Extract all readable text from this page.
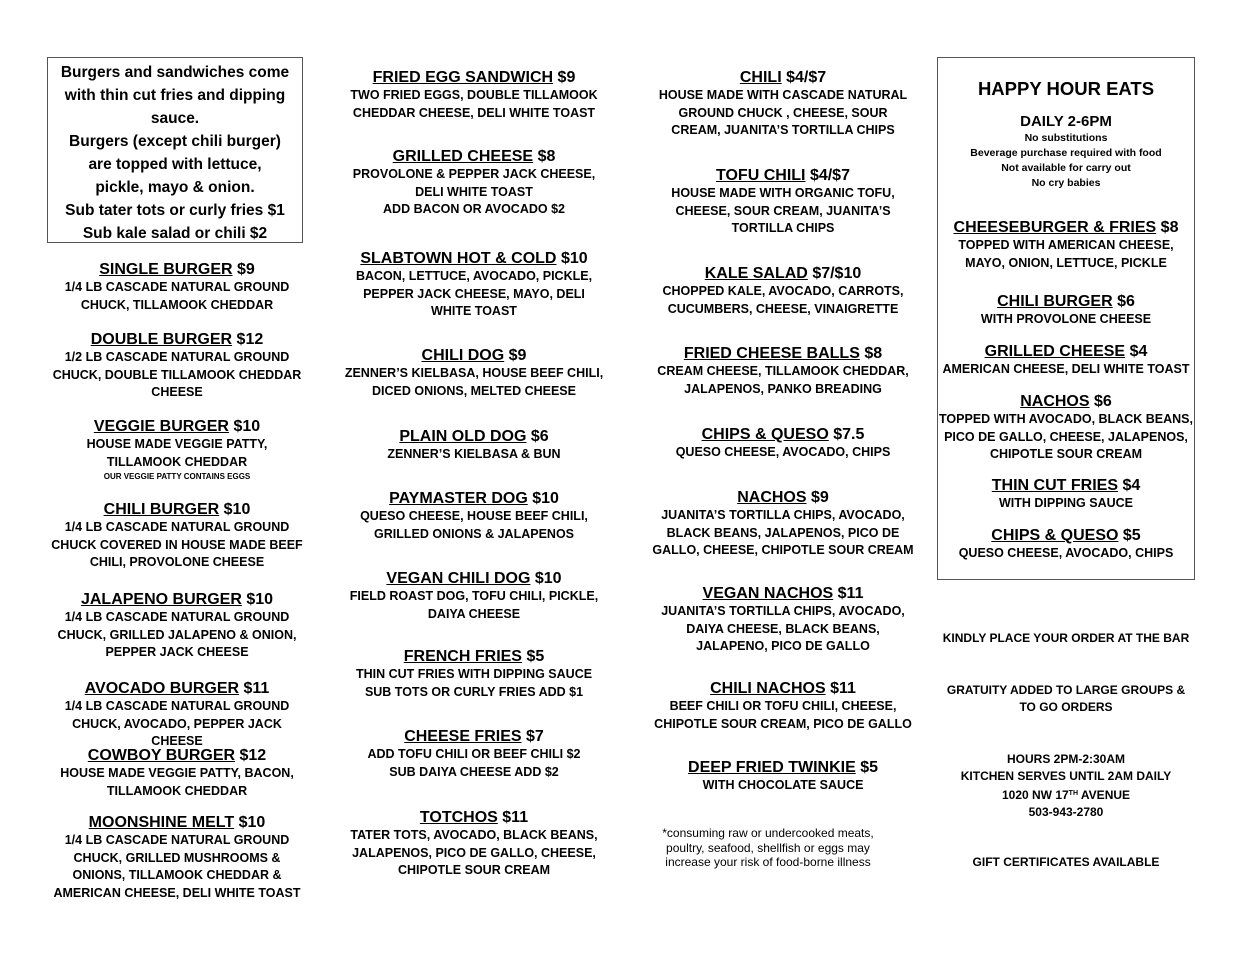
Burgers and sandwiches come
with thin cut fries and dipping
sauce.
Burgers (except chili burger)
are topped with lettuce,
pickle, mayo & onion.
Sub tater tots or curly fries $1
Sub kale salad or chili $2
SINGLE BURGER $9
1/4 LB CASCADE NATURAL GROUND
CHUCK, TILLAMOOK CHEDDAR
DOUBLE BURGER $12
1/2 LB CASCADE NATURAL GROUND
CHUCK, DOUBLE TILLAMOOK CHEDDAR
CHEESE
VEGGIE BURGER $10
HOUSE MADE VEGGIE PATTY,
TILLAMOOK CHEDDAR
OUR VEGGIE PATTY CONTAINS EGGS
CHILI BURGER $10
1/4 LB CASCADE NATURAL GROUND
CHUCK COVERED IN HOUSE MADE BEEF
CHILI, PROVOLONE CHEESE
JALAPENO BURGER $10
1/4 LB CASCADE NATURAL GROUND
CHUCK, GRILLED JALAPENO & ONION,
PEPPER JACK CHEESE
AVOCADO BURGER $11
1/4 LB CASCADE NATURAL GROUND
CHUCK, AVOCADO, PEPPER JACK CHEESE
COWBOY BURGER $12
HOUSE MADE VEGGIE PATTY, BACON,
TILLAMOOK CHEDDAR
MOONSHINE MELT $10
1/4 LB CASCADE NATURAL GROUND
CHUCK, GRILLED MUSHROOMS &
ONIONS, TILLAMOOK CHEDDAR &
AMERICAN CHEESE, DELI WHITE TOAST
FRIED EGG SANDWICH $9
TWO FRIED EGGS, DOUBLE TILLAMOOK
CHEDDAR CHEESE, DELI WHITE TOAST
GRILLED CHEESE $8
PROVOLONE & PEPPER JACK CHEESE,
DELI WHITE TOAST
ADD BACON OR AVOCADO $2
SLABTOWN HOT & COLD $10
BACON, LETTUCE, AVOCADO, PICKLE,
PEPPER JACK CHEESE, MAYO, DELI
WHITE TOAST
CHILI DOG $9
ZENNER’S KIELBASA, HOUSE BEEF CHILI,
DICED ONIONS, MELTED CHEESE
PLAIN OLD DOG $6
ZENNER’S KIELBASA & BUN
PAYMASTER DOG $10
QUESO CHEESE, HOUSE BEEF CHILI,
GRILLED ONIONS & JALAPENOS
VEGAN CHILI DOG $10
FIELD ROAST DOG, TOFU CHILI, PICKLE,
DAIYA CHEESE
FRENCH FRIES $5
THIN CUT FRIES WITH DIPPING SAUCE
SUB TOTS OR CURLY FRIES ADD $1
CHEESE FRIES $7
ADD TOFU CHILI OR BEEF CHILI $2
SUB DAIYA CHEESE ADD $2
TOTCHOS $11
TATER TOTS, AVOCADO, BLACK BEANS,
JALAPENOS, PICO DE GALLO, CHEESE,
CHIPOTLE SOUR CREAM
CHILI $4/$7
HOUSE MADE WITH CASCADE NATURAL
GROUND CHUCK , CHEESE, SOUR
CREAM, JUANITA’S TORTILLA CHIPS
TOFU CHILI $4/$7
HOUSE MADE WITH ORGANIC TOFU,
CHEESE, SOUR CREAM, JUANITA’S
TORTILLA CHIPS
KALE SALAD $7/$10
CHOPPED KALE, AVOCADO, CARROTS,
CUCUMBERS, CHEESE, VINAIGRETTE
FRIED CHEESE BALLS $8
CREAM CHEESE, TILLAMOOK CHEDDAR,
JALAPENOS, PANKO BREADING
CHIPS & QUESO $7.5
QUESO CHEESE, AVOCADO, CHIPS
NACHOS $9
JUANITA’S TORTILLA CHIPS, AVOCADO,
BLACK BEANS, JALAPENOS, PICO DE
GALLO, CHEESE, CHIPOTLE SOUR CREAM
VEGAN NACHOS $11
JUANITA’S TORTILLA CHIPS, AVOCADO,
DAIYA CHEESE, BLACK BEANS,
JALAPENO, PICO DE GALLO
CHILI NACHOS $11
BEEF CHILI OR TOFU CHILI, CHEESE,
CHIPOTLE SOUR CREAM, PICO DE GALLO
DEEP FRIED TWINKIE $5
WITH CHOCOLATE SAUCE
*consuming raw or undercooked meats,
poultry, seafood, shellfish or eggs may
increase your risk of food-borne illness
HAPPY HOUR EATS
DAILY 2-6PM
No substitutions
Beverage purchase required with food
Not available for carry out
No cry babies
CHEESEBURGER & FRIES $8
TOPPED WITH AMERICAN CHEESE,
MAYO, ONION, LETTUCE, PICKLE
CHILI BURGER $6
WITH PROVOLONE CHEESE
GRILLED CHEESE $4
AMERICAN CHEESE, DELI WHITE TOAST
NACHOS $6
TOPPED WITH AVOCADO, BLACK BEANS,
PICO DE GALLO, CHEESE, JALAPENOS,
CHIPOTLE SOUR CREAM
THIN CUT FRIES $4
WITH DIPPING SAUCE
CHIPS & QUESO $5
QUESO CHEESE, AVOCADO, CHIPS
KINDLY PLACE YOUR ORDER AT THE BAR
GRATUITY ADDED TO LARGE GROUPS &
TO GO ORDERS
HOURS 2PM-2:30AM
KITCHEN SERVES UNTIL 2AM DAILY
1020 NW 17TH AVENUE
503-943-2780
GIFT CERTIFICATES AVAILABLE
